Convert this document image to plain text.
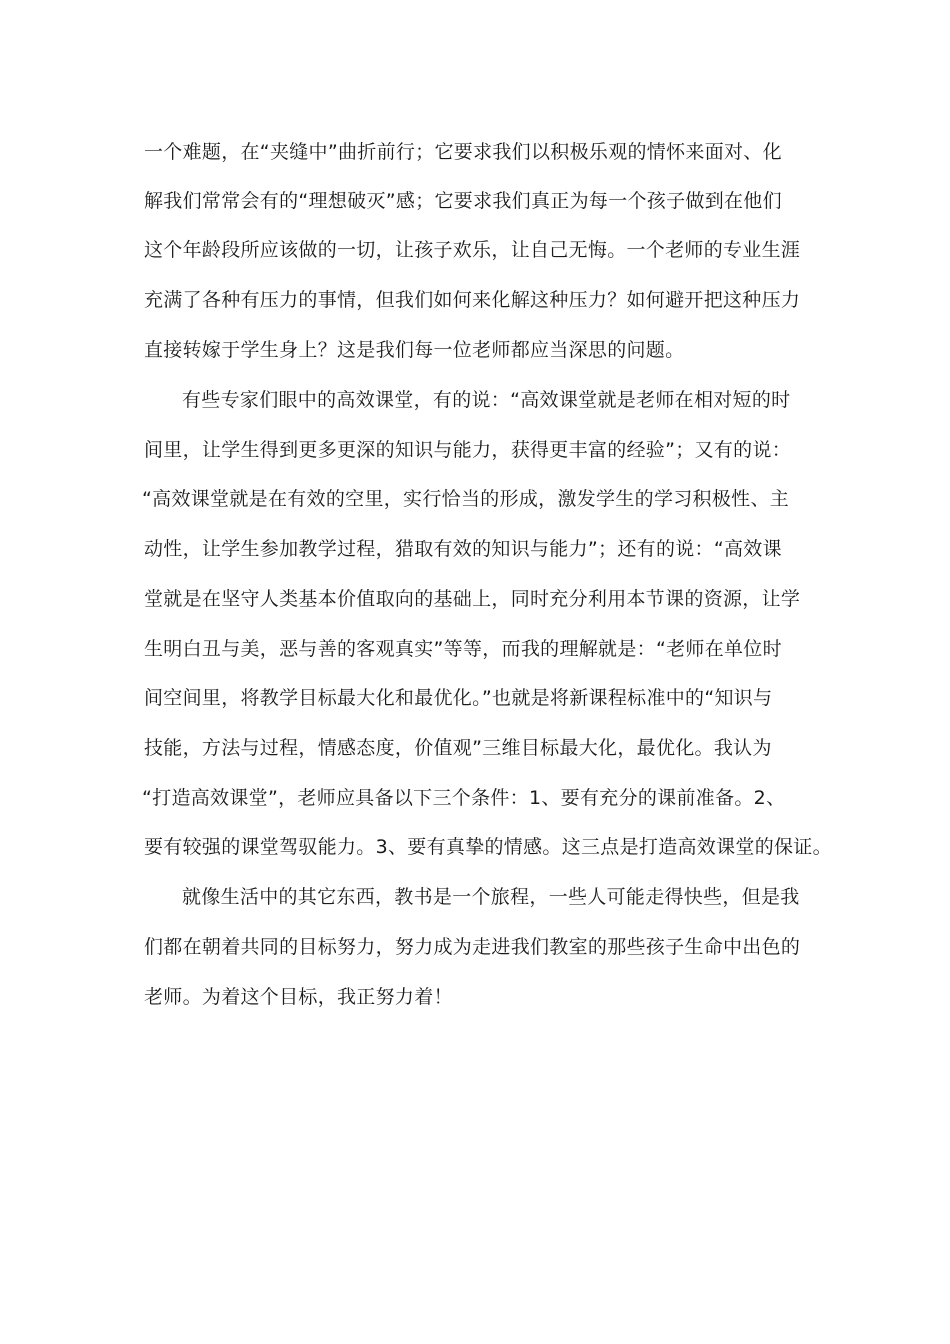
一个难题，在“夹缝中”曲折前行；它要求我们以积极乐观的情怀来面对、化
解我们常常会有的“理想破灭”感；它要求我们真正为每一个孩子做到在他们
这个年龄段所应该做的一切，让孩子欢乐，让自己无悔。一个老师的专业生涯
充满了各种有压力的事情，但我们如何来化解这种压力？如何避开把这种压力
直接转嫁于学生身上？这是我们每一位老师都应当深思的问题。
有些专家们眼中的高效课堂，有的说：“高效课堂就是老师在相对短的时
间里，让学生得到更多更深的知识与能力，获得更丰富的经验”；又有的说：
“高效课堂就是在有效的空里，实行恰当的形成，激发学生的学习积极性、主
动性，让学生参加教学过程，猎取有效的知识与能力”；还有的说：“高效课
堂就是在坚守人类基本价值取向的基础上，同时充分利用本节课的资源，让学
生明白丑与美，恶与善的客观真实”等等，而我的理解就是：“老师在单位时
间空间里，将教学目标最大化和最优化。”也就是将新课程标准中的“知识与
技能，方法与过程，情感态度，价值观”三维目标最大化，最优化。我认为
“打造高效课堂”，老师应具备以下三个条件：1、要有充分的课前准备。2、
要有较强的课堂驾驭能力。3、要有真挚的情感。这三点是打造高效课堂的保证。
就像生活中的其它东西，教书是一个旅程，一些人可能走得快些，但是我
们都在朝着共同的目标努力，努力成为走进我们教室的那些孩子生命中出色的
老师。为着这个目标，我正努力着！
